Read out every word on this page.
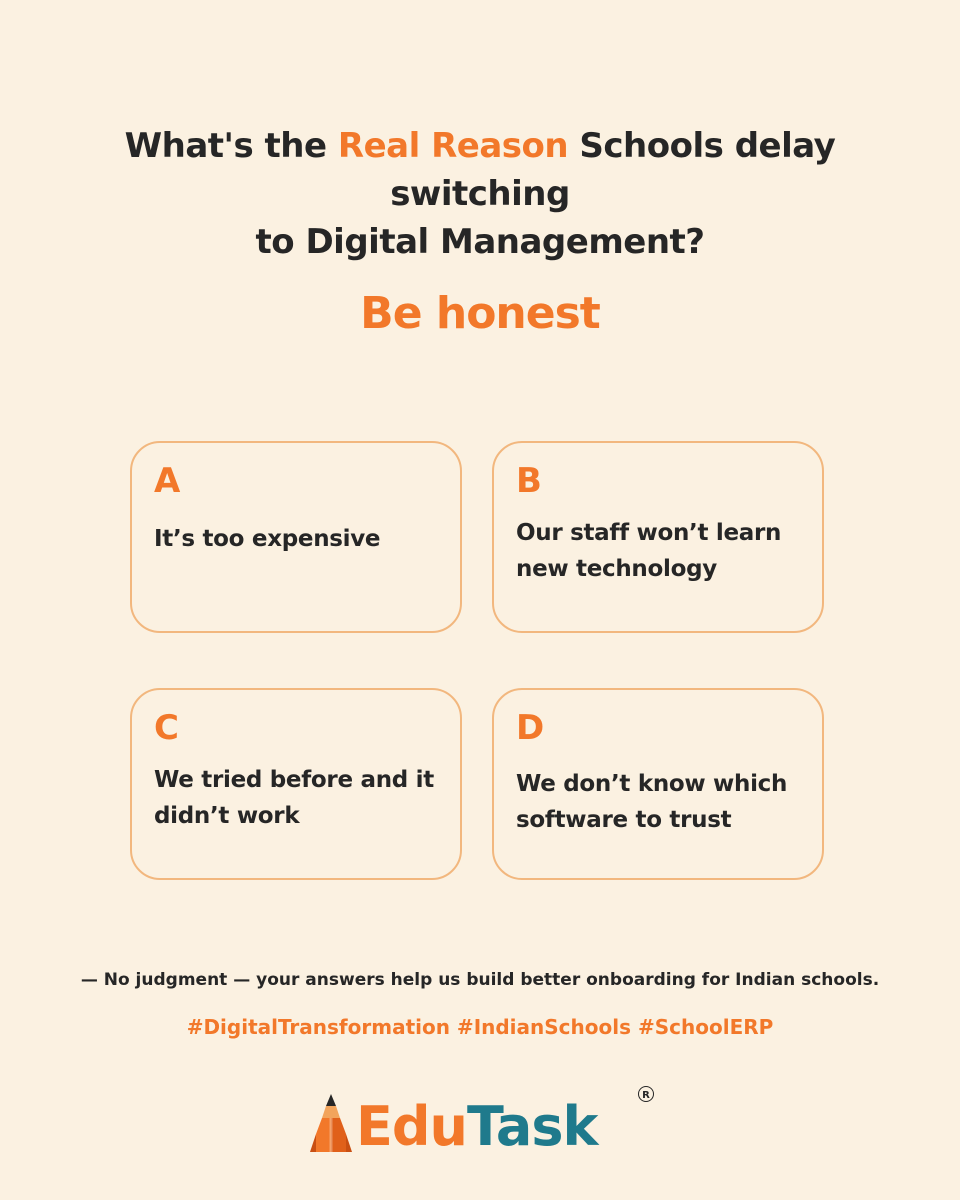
What's the Real Reason Schools delay
switching
to Digital Management?
Be honest
A
It’s too expensive
B
Our staff won’t learn new technology
C
We tried before and it didn’t work
D
We don’t know which software to trust

— No judgment — your answers help us build better onboarding for Indian schools.

#DigitalTransformation #IndianSchools #SchoolERP

Edu Task	R
